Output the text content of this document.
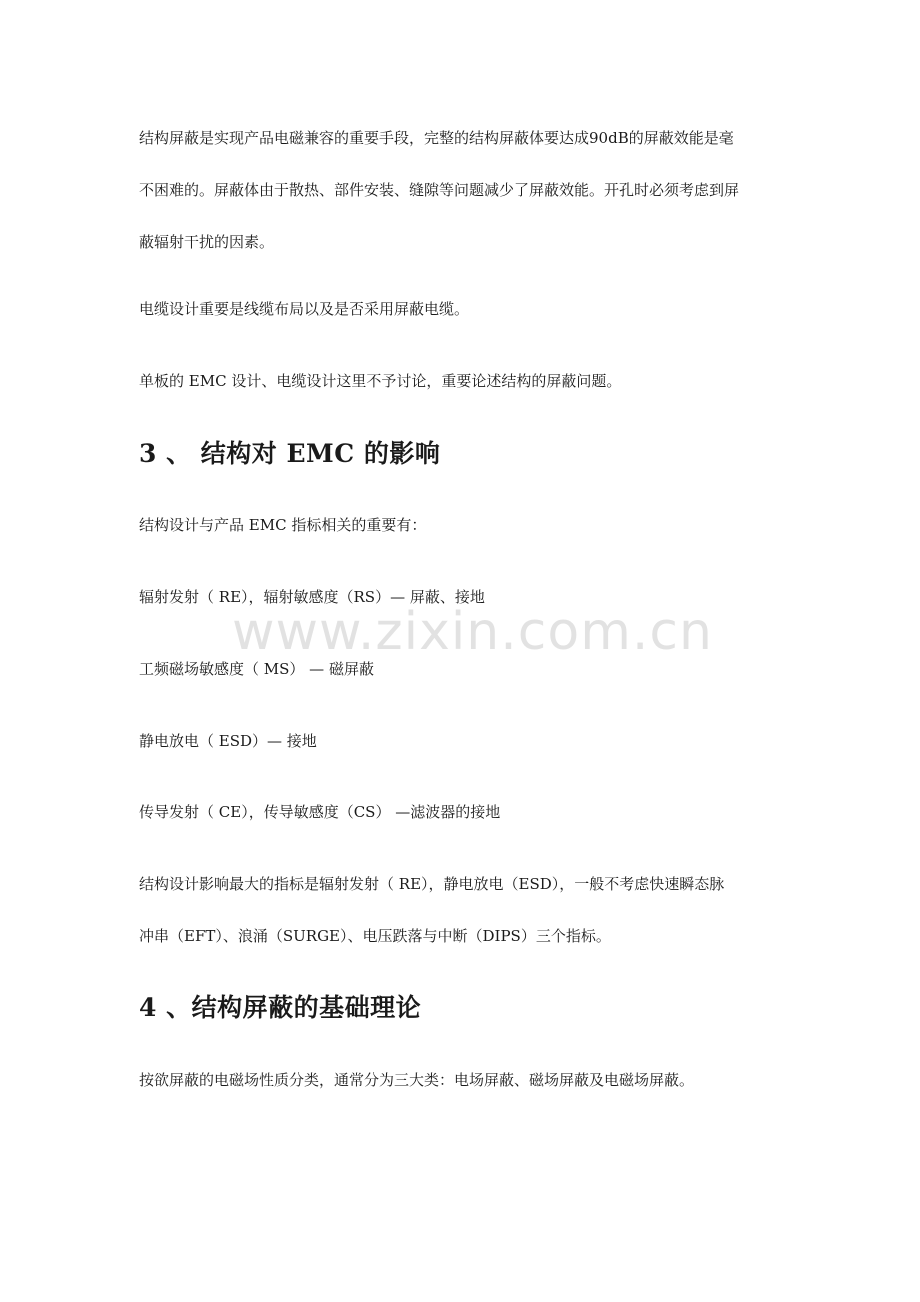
结构屏蔽是实现产品电磁兼容的重要手段，完整的结构屏蔽体要达成90dB的屏蔽效能是毫
不困难的。屏蔽体由于散热、部件安装、缝隙等问题减少了屏蔽效能。开孔时必须考虑到屏
蔽辐射干扰的因素。

电缆设计重要是线缆布局以及是否采用屏蔽电缆。

单板的 EMC 设计、电缆设计这里不予讨论，重要论述结构的屏蔽问题。

3 、 结构对 EMC 的影响

结构设计与产品 EMC 指标相关的重要有：

辐射发射（ RE），辐射敏感度（RS）— 屏蔽、接地

工频磁场敏感度（ MS） — 磁屏蔽

静电放电（ ESD）— 接地

传导发射（ CE），传导敏感度（CS） —滤波器的接地

结构设计影响最大的指标是辐射发射（ RE），静电放电（ESD），一般不考虑快速瞬态脉
冲串（EFT）、浪涌（SURGE）、电压跌落与中断（DIPS）三个指标。

4 、结构屏蔽的基础理论

按欲屏蔽的电磁场性质分类，通常分为三大类：电场屏蔽、磁场屏蔽及电磁场屏蔽。

www.zixin.com.cn
